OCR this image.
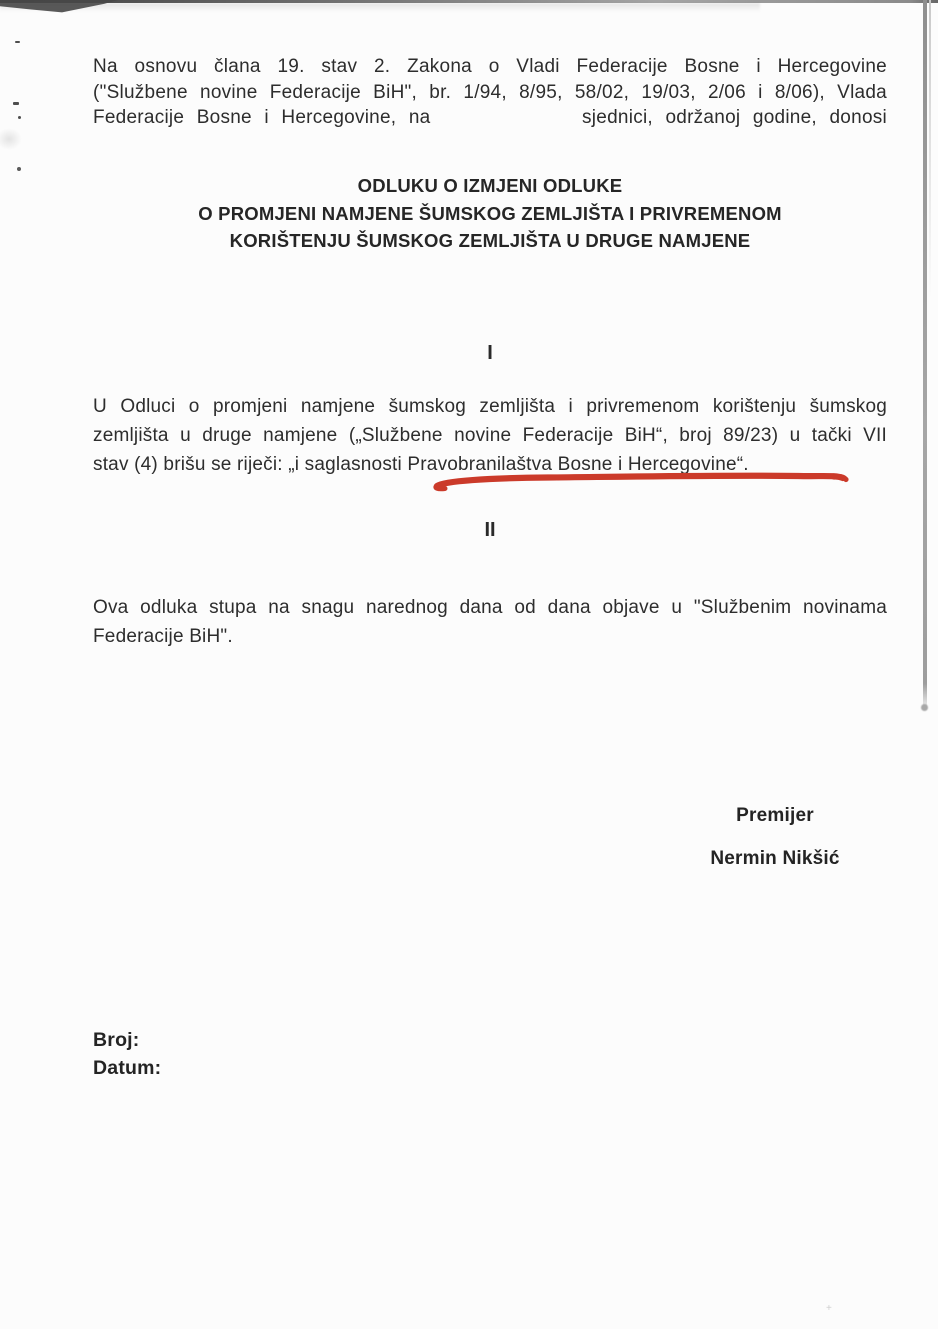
+
Na osnovu člana 19. stav 2. Zakona o Vladi Federacije Bosne i Hercegovine
("Službene novine Federacije BiH", br. 1/94, 8/95, 58/02, 19/03, 2/06 i 8/06), Vlada
Federacije Bosne i Hercegovine, na	sjednici, održanoj godine, donosi
ODLUKU O IZMJENI ODLUKE
O PROMJENI NAMJENE ŠUMSKOG ZEMLJIŠTA I PRIVREMENOM
KORIŠTENJU ŠUMSKOG ZEMLJIŠTA U DRUGE NAMJENE
I
U Odluci o promjeni namjene šumskog zemljišta i privremenom korištenju šumskog
zemljišta u druge namjene („Službene novine Federacije BiH“, broj 89/23) u tački VII
stav (4) brišu se riječi: „i saglasnosti Pravobranilaštva Bosne i Hercegovine“.
II
Ova odluka stupa na snagu narednog dana od dana objave u "Službenim novinama
Federacije BiH".
Premijer
Nermin Nikšić
Broj:
Datum:
